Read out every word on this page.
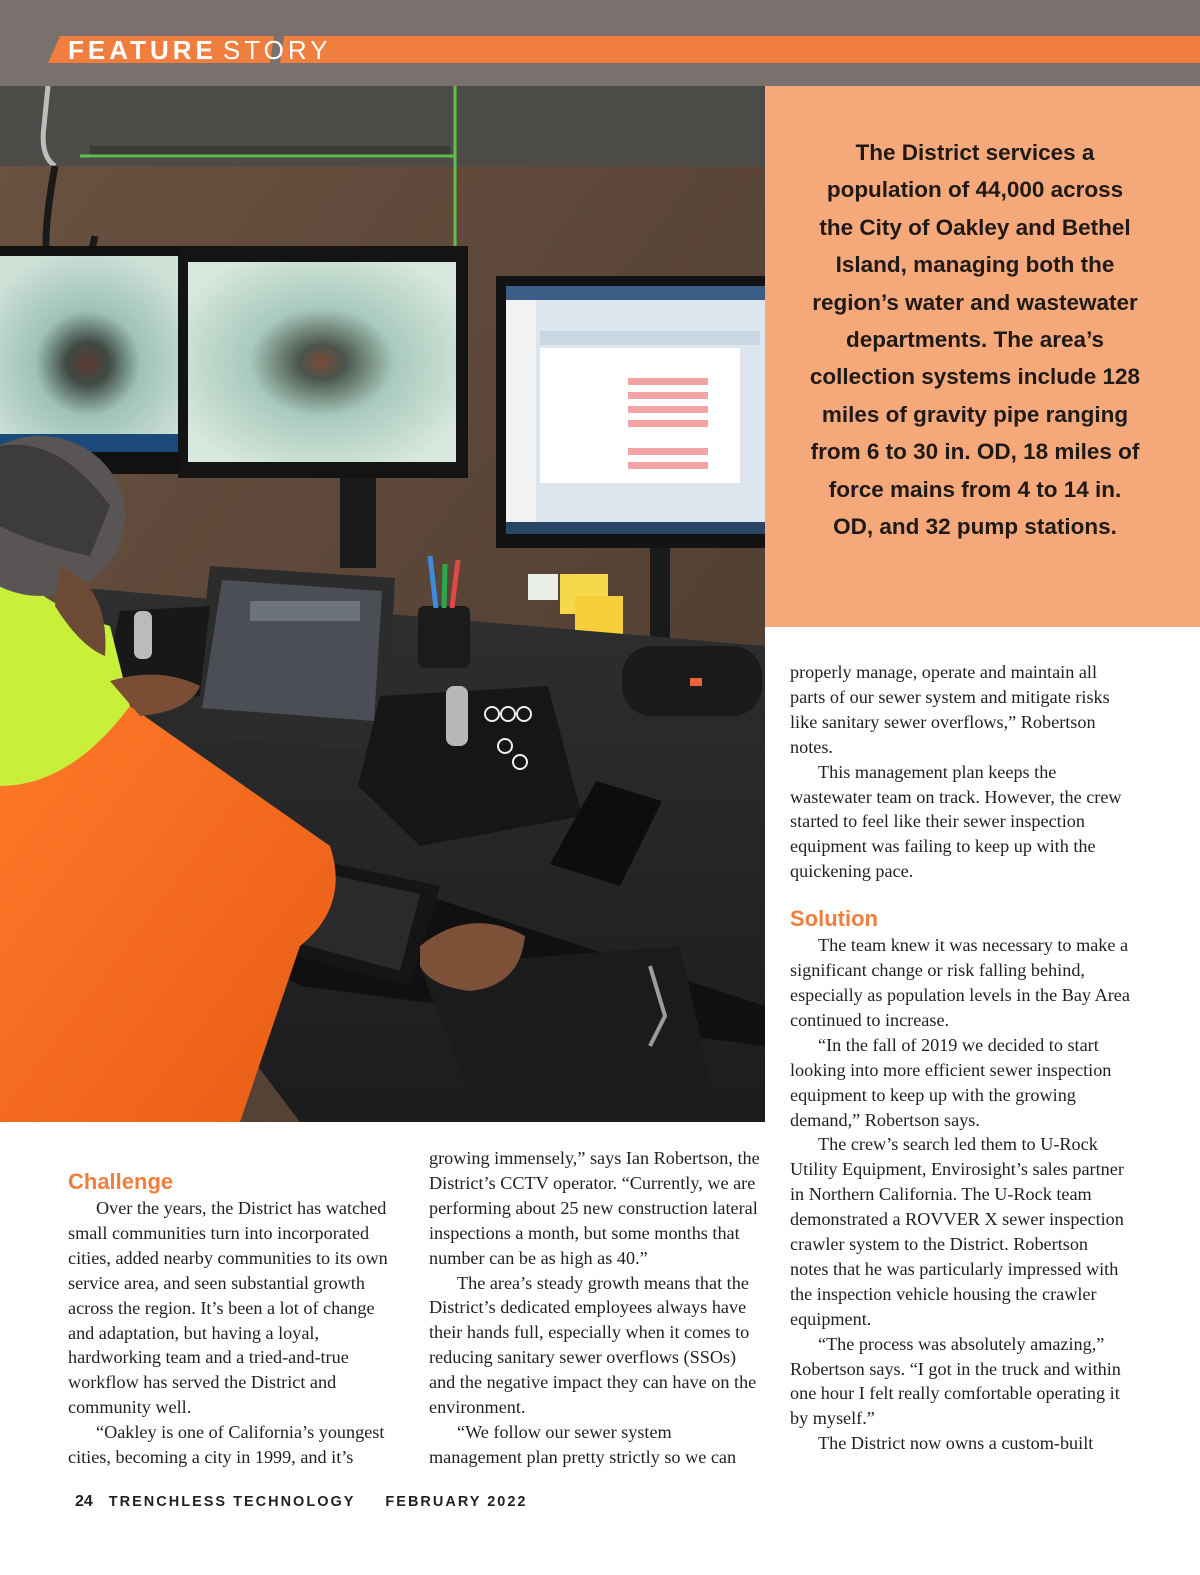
FEATURE STORY
The District services a population of 44,000 across the City of Oakley and Bethel Island, managing both the region’s water and wastewater departments. The area’s collection systems include 128 miles of gravity pipe ranging from 6 to 30 in. OD, 18 miles of force mains from 4 to 14 in. OD, and 32 pump stations.
Challenge

Over the years, the District has watched small communities turn into incorporated cities, added nearby communities to its own service area, and seen substantial growth across the region. It’s been a lot of change and adaptation, but having a loyal, hardworking team and a tried-and-true workflow has served the District and community well.

“Oakley is one of California’s youngest cities, becoming a city in 1999, and it’s

growing immensely,” says Ian Robertson, the District’s CCTV operator. “Currently, we are performing about 25 new construction lateral inspections a month, but some months that number can be as high as 40.”

The area’s steady growth means that the District’s dedicated employees always have their hands full, especially when it comes to reducing sanitary sewer overflows (SSOs) and the negative impact they can have on the environment.

“We follow our sewer system management plan pretty strictly so we can

properly manage, operate and maintain all parts of our sewer system and mitigate risks like sanitary sewer overflows,” Robertson notes.

This management plan keeps the wastewater team on track. However, the crew started to feel like their sewer inspection equipment was failing to keep up with the quickening pace.

Solution

The team knew it was necessary to make a significant change or risk falling behind, especially as population levels in the Bay Area continued to increase.

“In the fall of 2019 we decided to start looking into more efficient sewer inspection equipment to keep up with the growing demand,” Robertson says.

The crew’s search led them to U-Rock Utility Equipment, Envirosight’s sales partner in Northern California. The U-Rock team demonstrated a ROVVER X sewer inspection crawler system to the District. Robertson notes that he was particularly impressed with the inspection vehicle housing the crawler equipment.

“The process was absolutely amazing,” Robertson says. “I got in the truck and within one hour I felt really comfortable operating it by myself.”

The District now owns a custom-built

24 TRENCHLESS TECHNOLOGY FEBRUARY 2022
